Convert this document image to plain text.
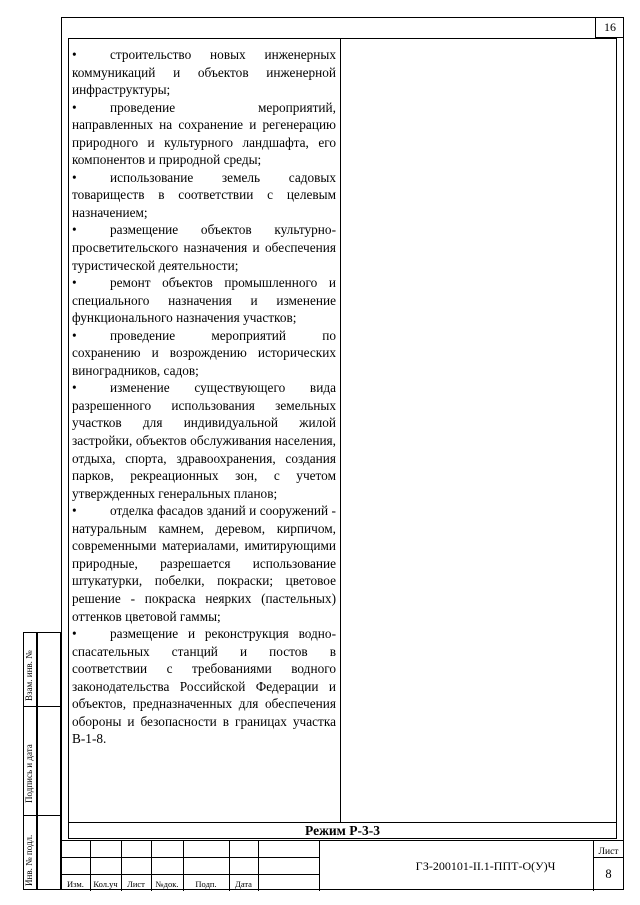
16
•	строительство новых инженерных коммуникаций и объектов инженерной инфраструктуры;
•	проведение мероприятий, направленных на сохранение и регенерацию природного и культурного ландшафта, его компонентов и природной среды;
•	использование земель садовых товариществ в соответствии с целевым назначением;
•	размещение объектов культурно-просветительского назначения и обеспечения туристической деятельности;
•	ремонт объектов промышленного и специального назначения и изменение функционального назначения участков;
•	проведение мероприятий по сохранению и возрождению исторических виноградников, садов;
•	изменение существующего вида разрешенного использования земельных участков для индивидуальной жилой застройки, объектов обслуживания населения, отдыха, спорта, здравоохранения, создания парков, рекреационных зон, с учетом утвержденных генеральных планов;
•	отделка фасадов зданий и сооружений - натуральным камнем, деревом, кирпичом, современными материалами, имитирующими природные, разрешается использование штукатурки, побелки, покраски; цветовое решение - покраска неярких (пастельных) оттенков цветовой гаммы;
•	размещение и реконструкция водно-спасательных станций и постов в соответствии с требованиями водного законодательства Российской Федерации и объектов, предназначенных для обеспечения обороны и безопасности в границах участка В-1-8.
Режим Р-3-3
Взам. инв. №
Подпись и дата
Инв. № подл.	Изм.	Кол.уч	Лист	№док.	Подп.	Дата
ГЗ-200101-II.1-ППТ-О(У)Ч
Лист
8
